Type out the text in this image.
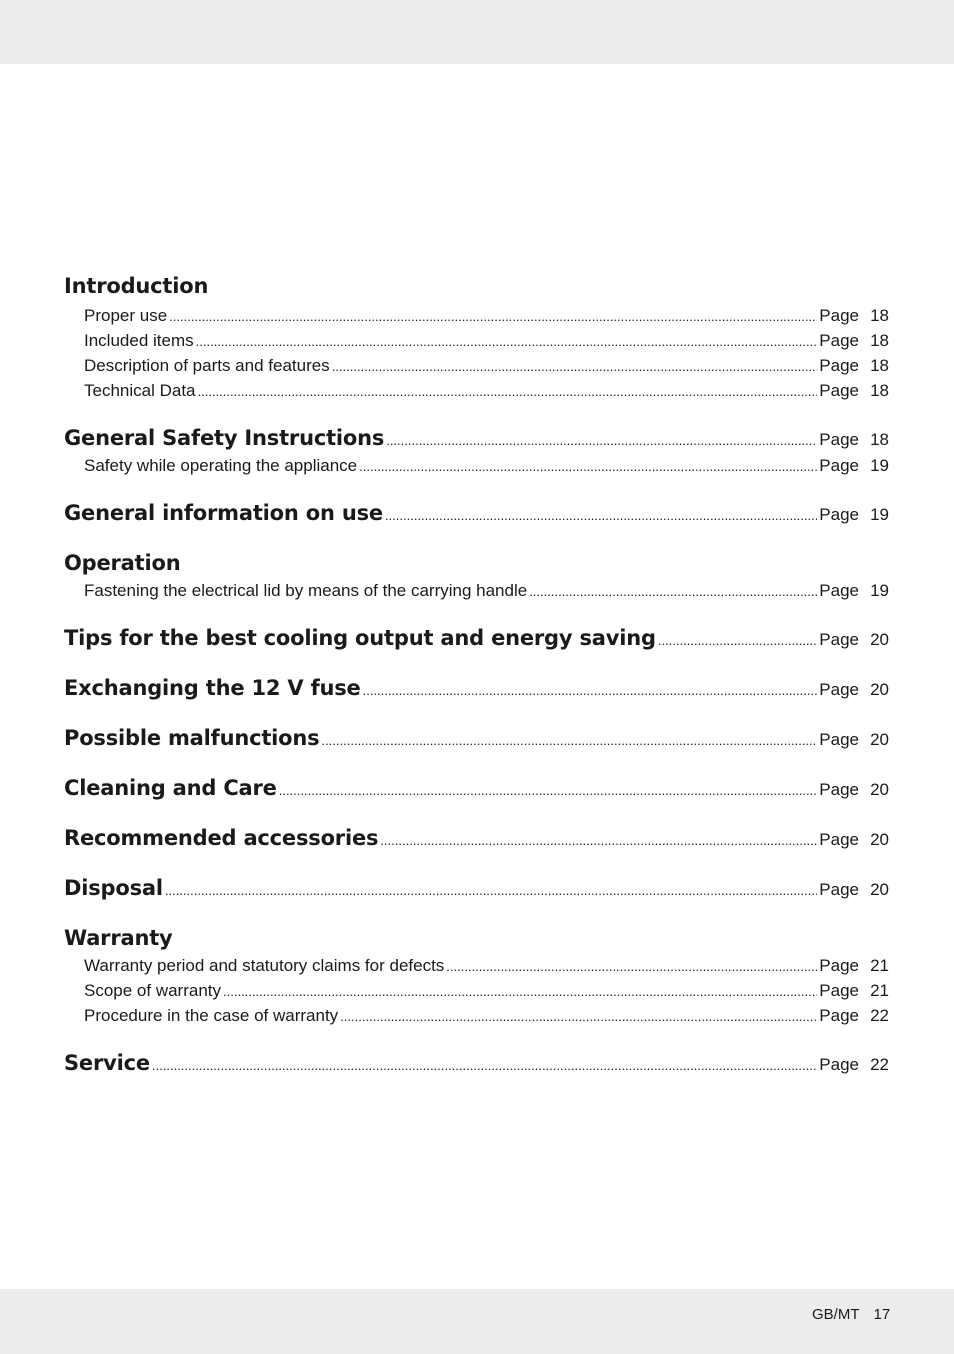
Introduction
Proper use .....	Page 18
Included items .....	Page 18
Description of parts and features .....	Page 18
Technical Data .....	Page 18
General Safety Instructions .....	Page 18
Safety while operating the appliance .....	Page 19
General information on use .....	Page 19
Operation
Fastening the electrical lid by means of the carrying handle .....	Page 19
Tips for the best cooling output and energy saving .....	Page 20
Exchanging the 12 V fuse .....	Page 20
Possible malfunctions .....	Page 20
Cleaning and Care .....	Page 20
Recommended accessories .....	Page 20
Disposal .....	Page 20
Warranty
Warranty period and statutory claims for defects .....	Page 21
Scope of warranty .....	Page 21
Procedure in the case of warranty .....	Page 22
Service .....	Page 22
GB/MT 17
